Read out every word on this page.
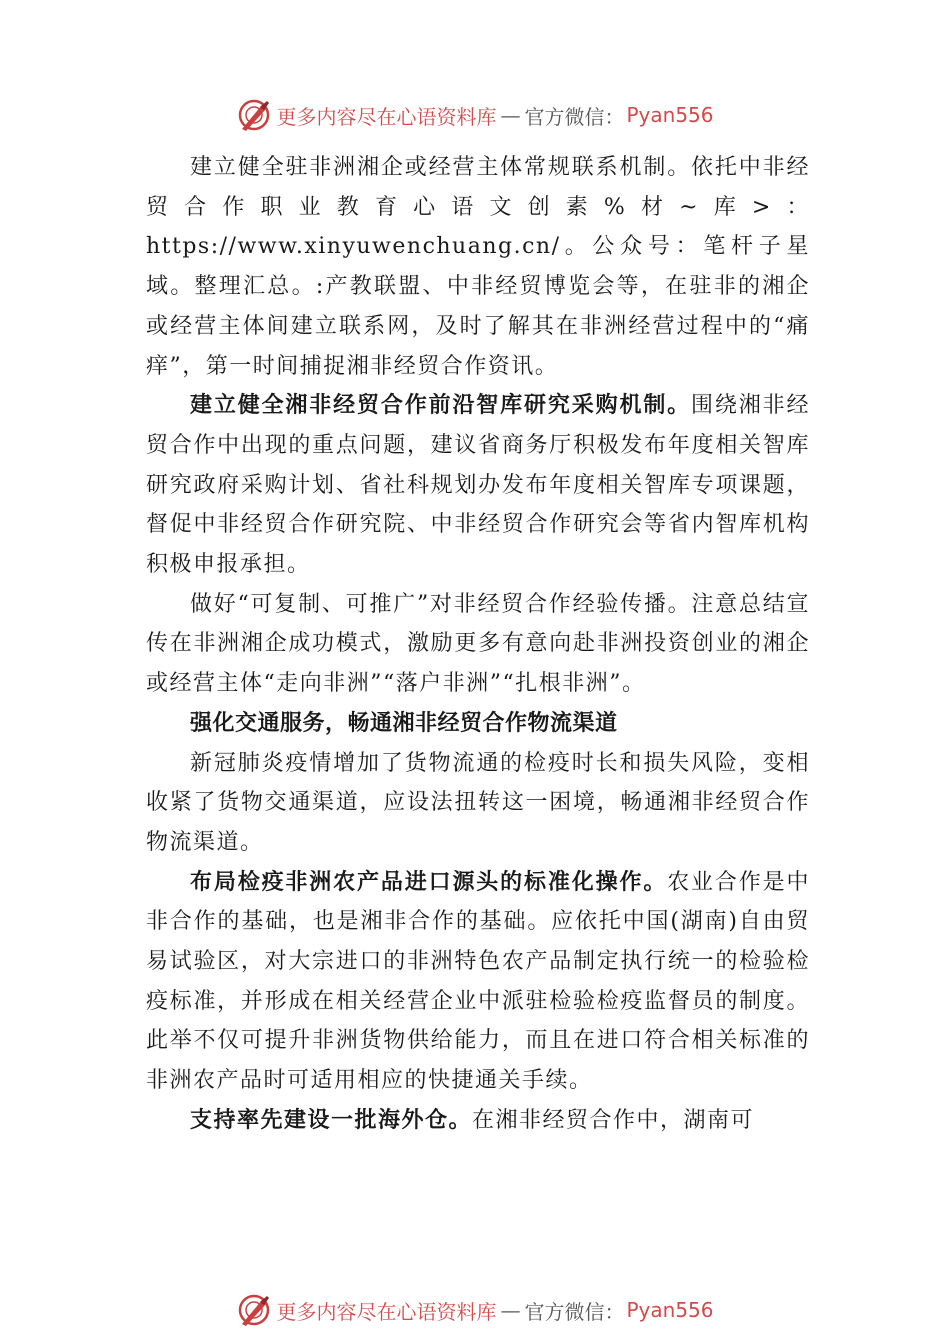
更多内容尽在心语资料库 — 官方微信： Pyan556

建立健全驻非洲湘企或经营主体常规联系机制。依托中非经贸合作职业教育心语文创素%材~库>：https://www.xinyuwenchuang.cn/。公众号：笔杆子星域。整理汇总。:产教联盟、中非经贸博览会等，在驻非的湘企或经营主体间建立联系网，及时了解其在非洲经营过程中的“痛痒”，第一时间捕捉湘非经贸合作资讯。

建立健全湘非经贸合作前沿智库研究采购机制。围绕湘非经贸合作中出现的重点问题，建议省商务厅积极发布年度相关智库研究政府采购计划、省社科规划办发布年度相关智库专项课题，督促中非经贸合作研究院、中非经贸合作研究会等省内智库机构积极申报承担。

做好“可复制、可推广”对非经贸合作经验传播。注意总结宣传在非洲湘企成功模式，激励更多有意向赴非洲投资创业的湘企或经营主体“走向非洲”“落户非洲”“扎根非洲”。

强化交通服务，畅通湘非经贸合作物流渠道

新冠肺炎疫情增加了货物流通的检疫时长和损失风险，变相收紧了货物交通渠道，应设法扭转这一困境，畅通湘非经贸合作物流渠道。

布局检疫非洲农产品进口源头的标准化操作。农业合作是中非合作的基础，也是湘非合作的基础。应依托中国(湖南)自由贸易试验区，对大宗进口的非洲特色农产品制定执行统一的检验检疫标准，并形成在相关经营企业中派驻检验检疫监督员的制度。此举不仅可提升非洲货物供给能力，而且在进口符合相关标准的非洲农产品时可适用相应的快捷通关手续。

支持率先建设一批海外仓。在湘非经贸合作中，湖南可

更多内容尽在心语资料库 — 官方微信： Pyan556
